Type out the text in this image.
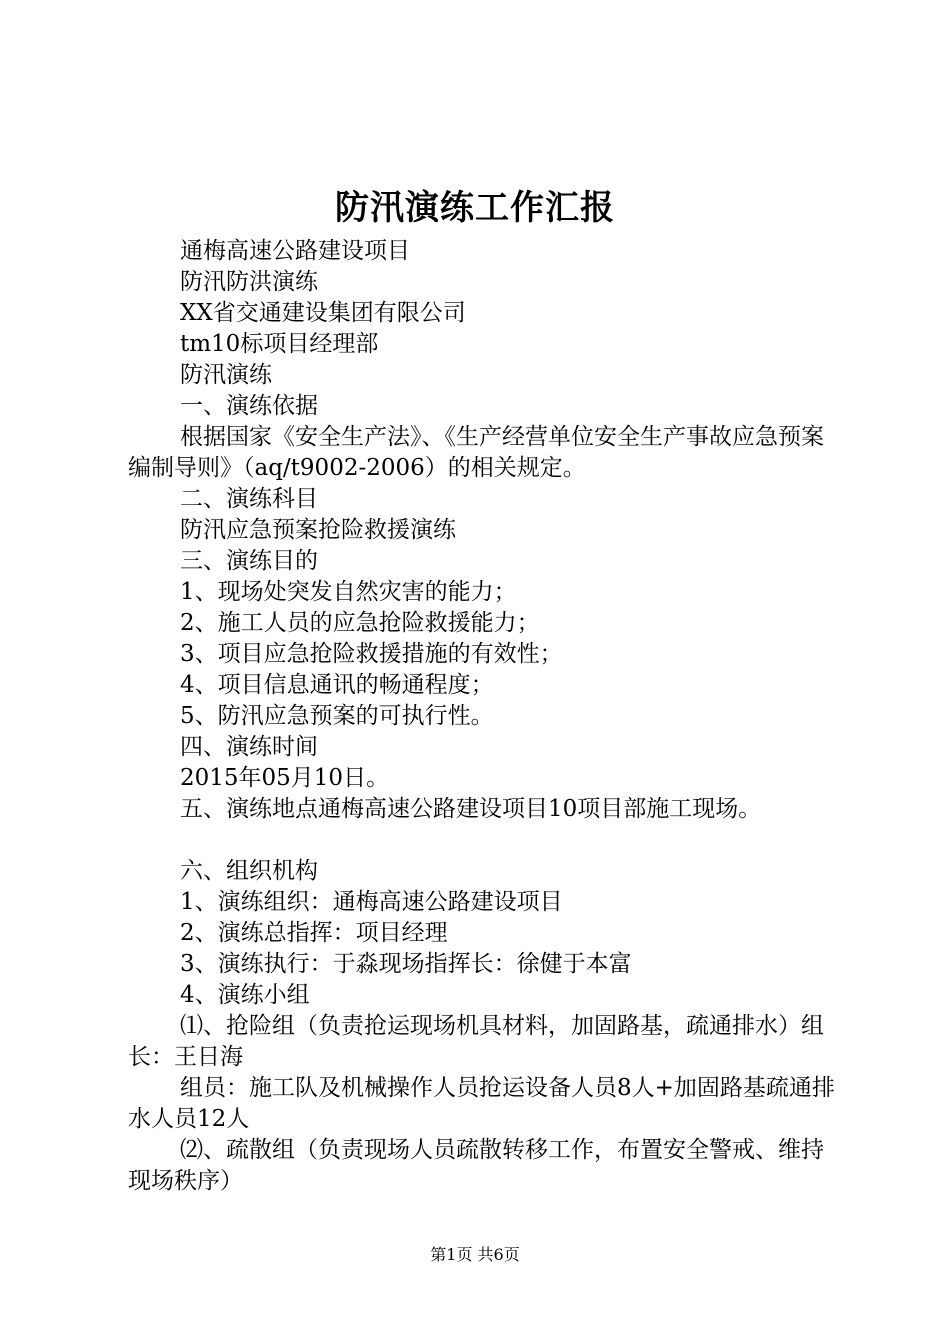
防汛演练工作汇报

通梅高速公路建设项目

防汛防洪演练

XX省交通建设集团有限公司

tm10标项目经理部

防汛演练

一、演练依据

根据国家《安全生产法》、《生产经营单位安全生产事故应急预案编制导则》（aq/t9002-2006）的相关规定。

二、演练科目

防汛应急预案抢险救援演练

三、演练目的

1、现场处突发自然灾害的能力；

2、施工人员的应急抢险救援能力；

3、项目应急抢险救援措施的有效性；

4、项目信息通讯的畅通程度；

5、防汛应急预案的可执行性。

四、演练时间

2015年05月10日。

五、演练地点通梅高速公路建设项目10项目部施工现场。

六、组织机构

1、演练组织：通梅高速公路建设项目

2、演练总指挥：项目经理

3、演练执行：于淼现场指挥长：徐健于本富

4、演练小组

⑴、抢险组（负责抢运现场机具材料，加固路基，疏通排水）组长：王日海

组员：施工队及机械操作人员抢运设备人员8人+加固路基疏通排水人员12人

⑵、疏散组（负责现场人员疏散转移工作，布置安全警戒、维持现场秩序）

第1页 共6页
